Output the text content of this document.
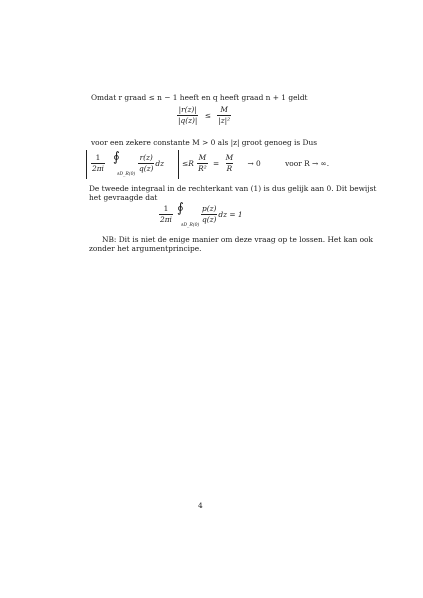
Omdat r graad ≤ n − 1 heeft en q heeft graad n + 1 geldt
$\frac{|r(z)|}{|q(z)|} \le \frac{M}{\text{|z|²}}$
voor een zekere constante M > 0 als |z| groot genoeg is Dus
$\frac{1}{2\pi i}$ ∮
∂D_R(0)
$\frac{r(z)}{q(z)}$ dz $\le R \frac{M}{\text{R²}} = \frac{M}{R} \to 0$	voor R → ∞.
De tweede integraal in de rechterkant van (1) is dus gelijk aan 0. Dit bewijst
het gevraagde dat
$\frac{1}{2\pi i}$ ∮
∂D_R(0)
$\frac{p(z)}{q(z)}$ dz = 1
NB: Dit is niet de enige manier om deze vraag op te lossen. Het kan ook
zonder het argumentprincipe.
4
